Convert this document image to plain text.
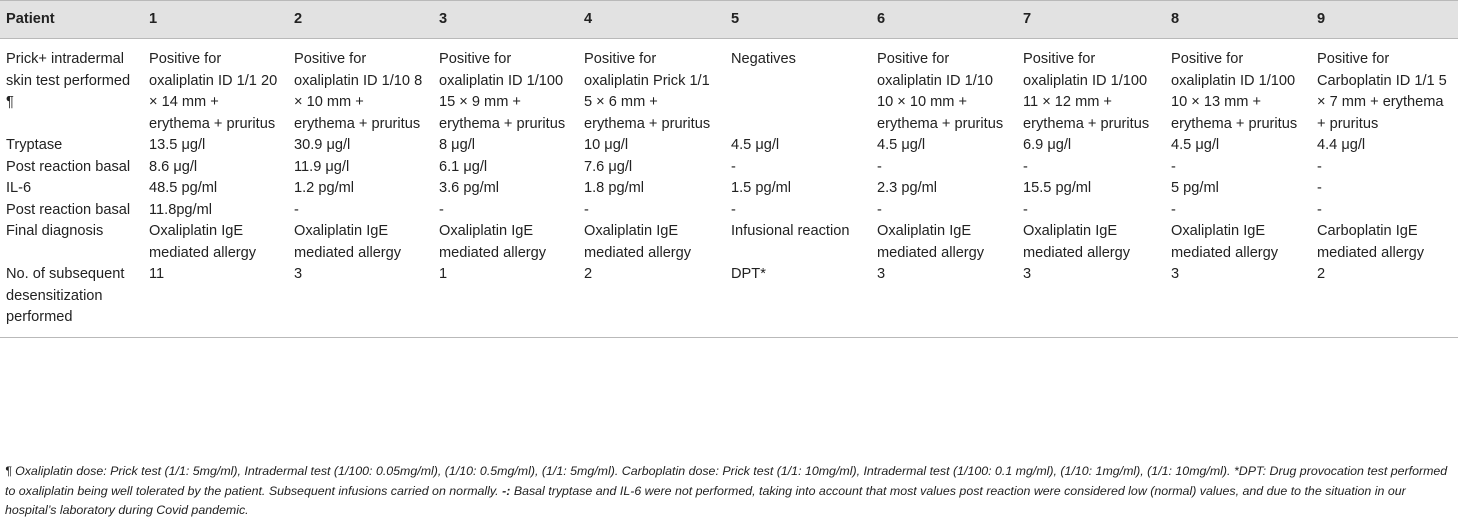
Patient	1	2	3	4	5	6	7	8	9
Prick+ intradermal skin test performed ¶	Positive for oxaliplatin ID 1/1 20 × 14 mm + erythema + pruritus	Positive for oxaliplatin ID 1/10 8 × 10 mm + erythema + pruritus	Positive for oxaliplatin ID 1/100 15 × 9 mm + erythema + pruritus	Positive for oxaliplatin Prick 1/1 5 × 6 mm + erythema + pruritus	Negatives	Positive for oxaliplatin ID 1/10 10 × 10 mm + erythema + pruritus	Positive for oxaliplatin ID 1/100 11 × 12 mm + erythema + pruritus	Positive for oxaliplatin ID 1/100 10 × 13 mm + erythema + pruritus	Positive for Carboplatin ID 1/1 5 × 7 mm + erythema + pruritus
Tryptase	13.5 μg/l	30.9 μg/l	8 μg/l	10 μg/l	4.5 μg/l	4.5 μg/l	6.9 μg/l	4.5 μg/l	4.4 μg/l
Post reaction basal	8.6 μg/l	11.9 μg/l	6.1 μg/l	7.6 μg/l	-	-	-	-	-
IL-6	48.5 pg/ml	1.2 pg/ml	3.6 pg/ml	1.8 pg/ml	1.5 pg/ml	2.3 pg/ml	15.5 pg/ml	5 pg/ml	-
Post reaction basal	11.8pg/ml	-	-	-	-	-	-	-	-
Final diagnosis	Oxaliplatin IgE mediated allergy	Oxaliplatin IgE mediated allergy	Oxaliplatin IgE mediated allergy	Oxaliplatin IgE mediated allergy	Infusional reaction	Oxaliplatin IgE mediated allergy	Oxaliplatin IgE mediated allergy	Oxaliplatin IgE mediated allergy	Carboplatin IgE mediated allergy
No. of subsequent desensitization performed	11	3	1	2	DPT*	3	3	3	2
¶ Oxaliplatin dose: Prick test (1/1: 5mg/ml), Intradermal test (1/100: 0.05mg/ml), (1/10: 0.5mg/ml), (1/1: 5mg/ml). Carboplatin dose: Prick test (1/1: 10mg/ml), Intradermal test (1/100: 0.1 mg/ml), (1/10: 1mg/ml), (1/1: 10mg/ml). *DPT: Drug provocation test performed to oxaliplatin being well tolerated by the patient. Subsequent infusions carried on normally. -: Basal tryptase and IL-6 were not performed, taking into account that most values post reaction were considered low (normal) values, and due to the situation in our hospital’s laboratory during Covid pandemic.
